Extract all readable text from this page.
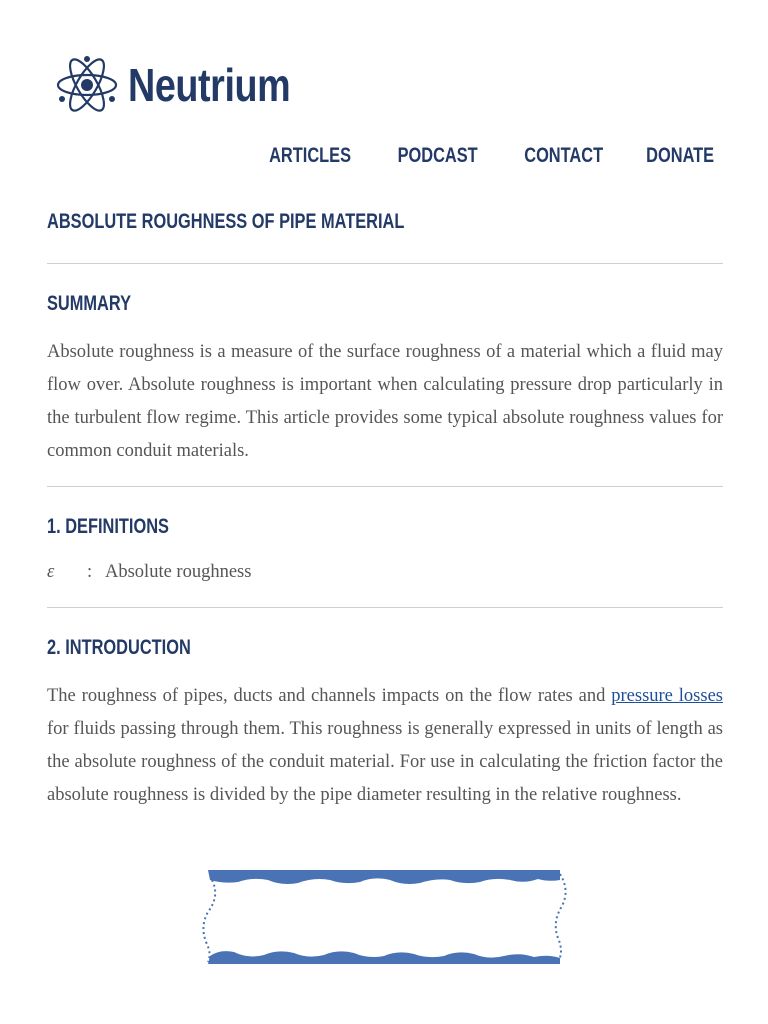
Neutrium
ARTICLES PODCAST CONTACT DONATE
ABSOLUTE ROUGHNESS OF PIPE MATERIAL
SUMMARY

Absolute roughness is a measure of the surface roughness of a material which a fluid may flow over. Absolute roughness is important when calculating pressure drop particularly in the turbulent flow regime. This article provides some typical absolute roughness values for common conduit materials.

1. DEFINITIONS
ε	: Absolute roughness
2. INTRODUCTION

The roughness of pipes, ducts and channels impacts on the flow rates and pressure losses for fluids passing through them. This roughness is generally expressed in units of length as the absolute roughness of the conduit material. For use in calculating the friction factor the absolute roughness is divided by the pipe diameter resulting in the relative roughness.
